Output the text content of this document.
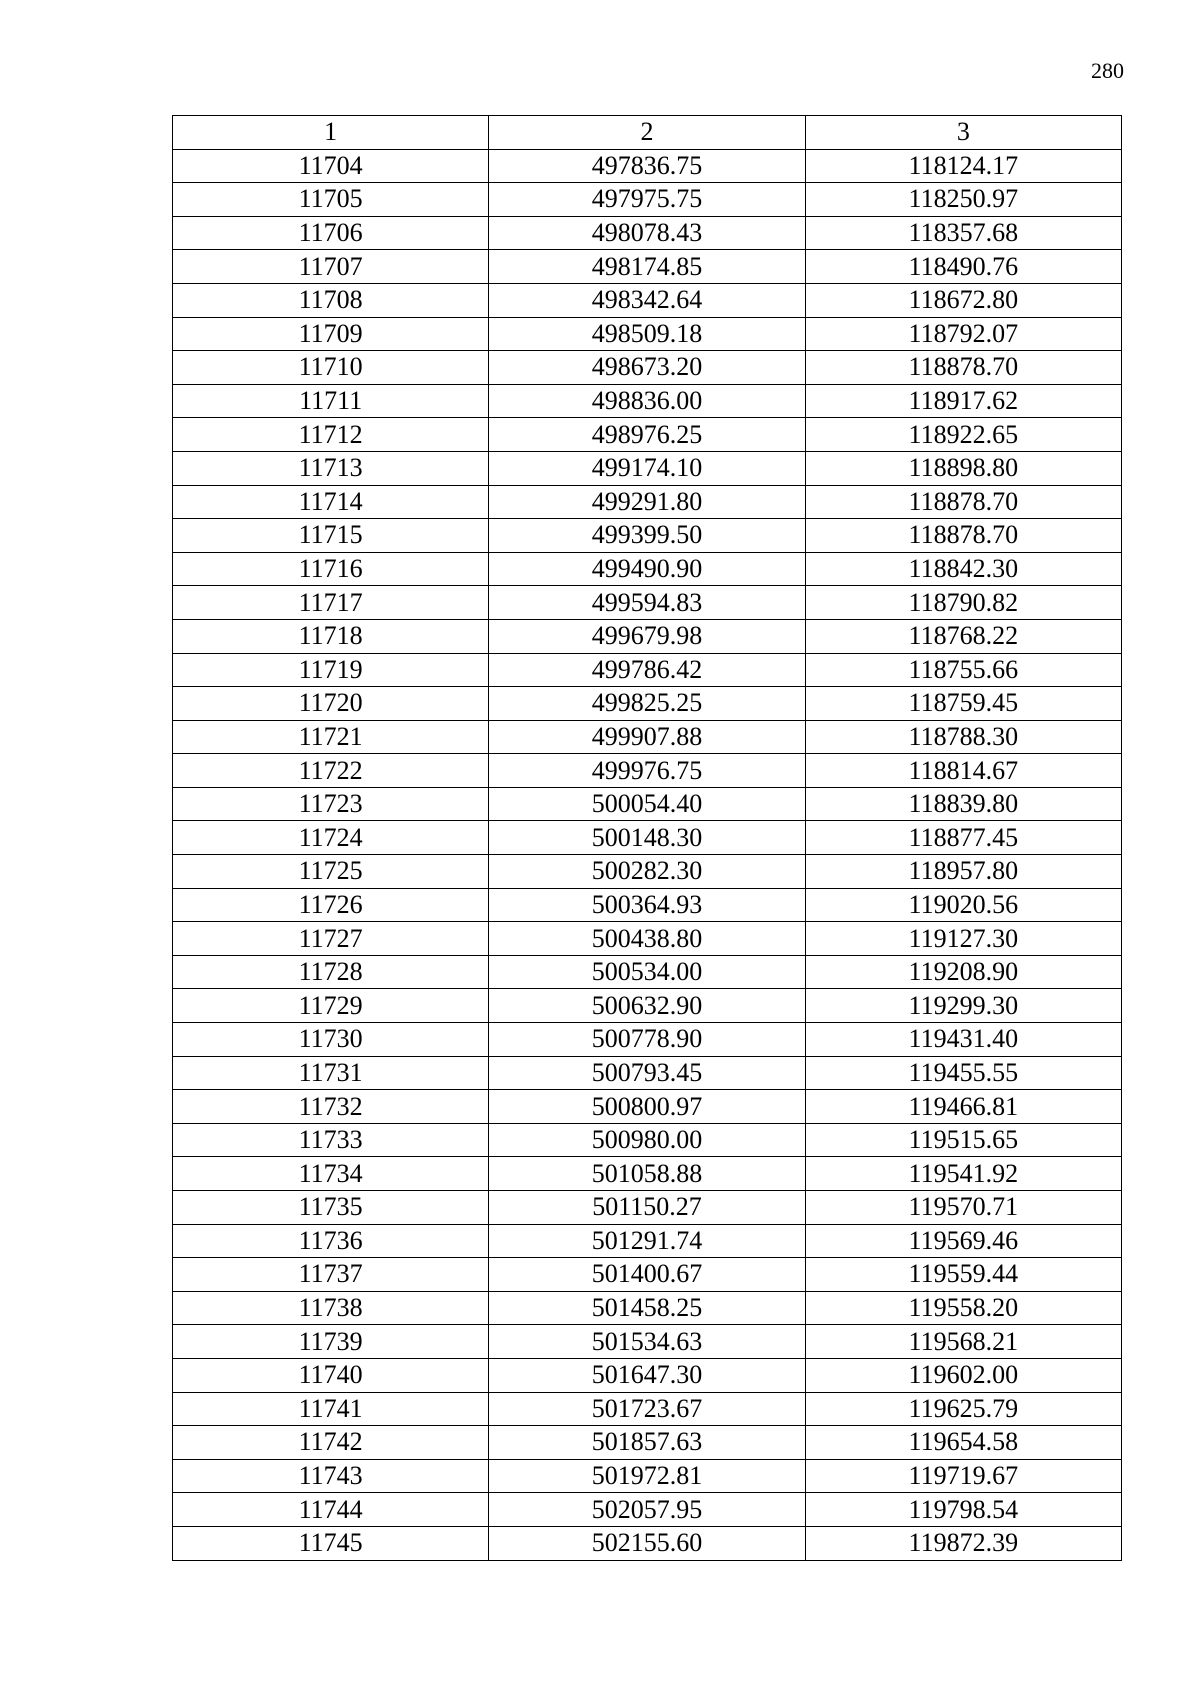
280
1	2	3
11704	497836.75	118124.17
11705	497975.75	118250.97
11706	498078.43	118357.68
11707	498174.85	118490.76
11708	498342.64	118672.80
11709	498509.18	118792.07
11710	498673.20	118878.70
11711	498836.00	118917.62
11712	498976.25	118922.65
11713	499174.10	118898.80
11714	499291.80	118878.70
11715	499399.50	118878.70
11716	499490.90	118842.30
11717	499594.83	118790.82
11718	499679.98	118768.22
11719	499786.42	118755.66
11720	499825.25	118759.45
11721	499907.88	118788.30
11722	499976.75	118814.67
11723	500054.40	118839.80
11724	500148.30	118877.45
11725	500282.30	118957.80
11726	500364.93	119020.56
11727	500438.80	119127.30
11728	500534.00	119208.90
11729	500632.90	119299.30
11730	500778.90	119431.40
11731	500793.45	119455.55
11732	500800.97	119466.81
11733	500980.00	119515.65
11734	501058.88	119541.92
11735	501150.27	119570.71
11736	501291.74	119569.46
11737	501400.67	119559.44
11738	501458.25	119558.20
11739	501534.63	119568.21
11740	501647.30	119602.00
11741	501723.67	119625.79
11742	501857.63	119654.58
11743	501972.81	119719.67
11744	502057.95	119798.54
11745	502155.60	119872.39
